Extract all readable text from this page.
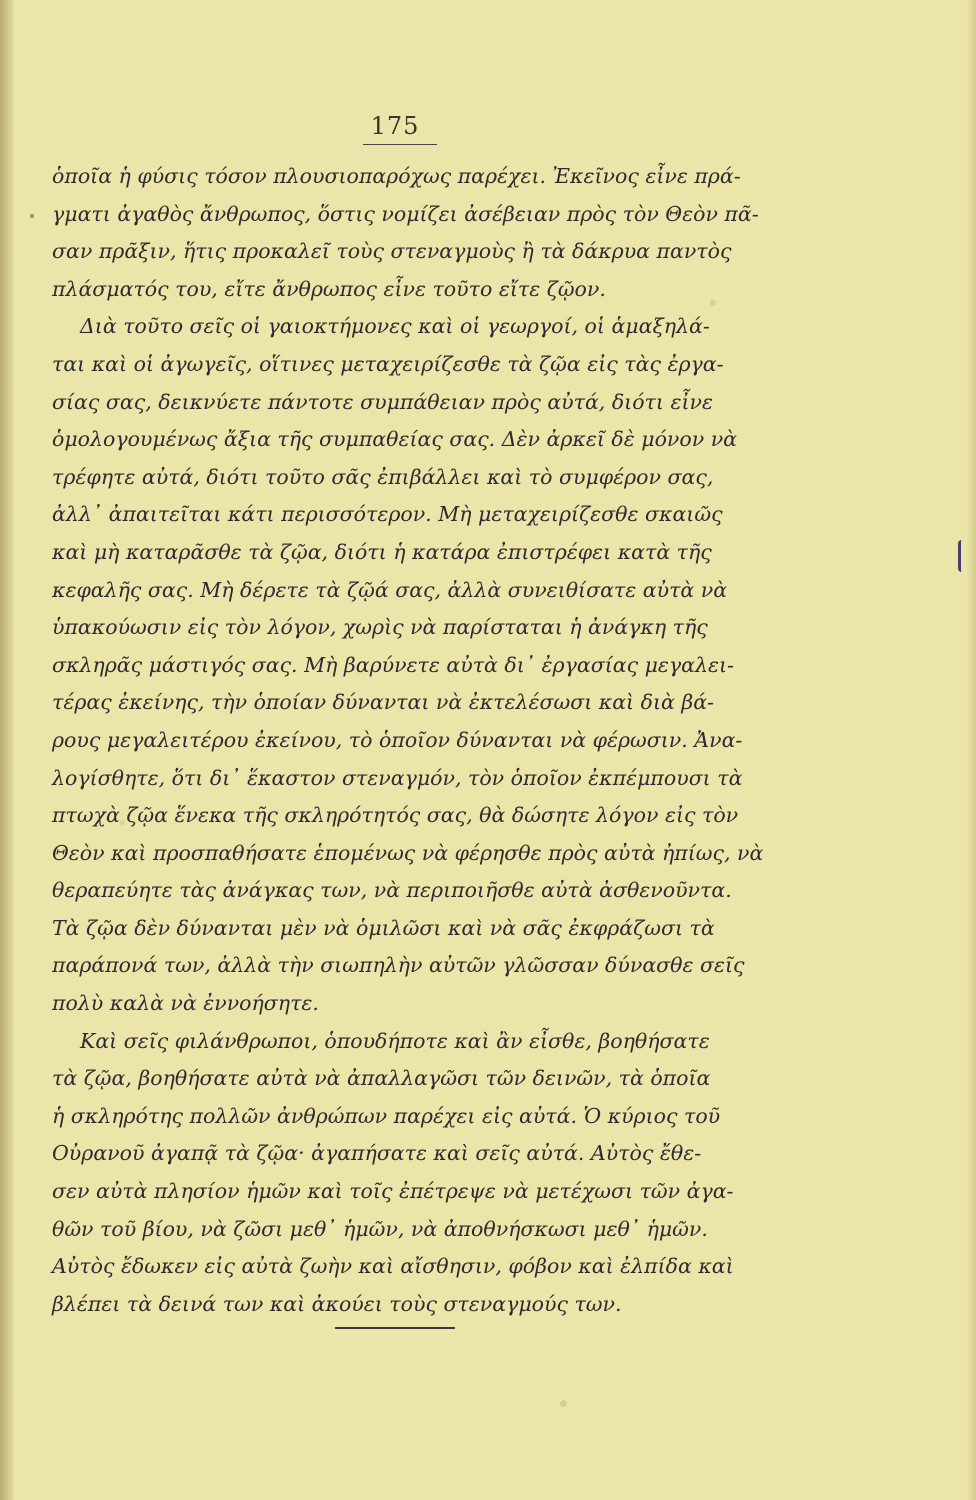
175
ὁποῖα ἡ φύσις τόσον πλουσιοπαρόχως παρέχει. Ἐκεῖνος εἶνε πρά-
γματι ἀγαθὸς ἄνθρωπος, ὅστις νομίζει ἀσέβειαν πρὸς τὸν Θεὸν πᾶ-
σαν πρᾶξιν, ἥτις προκαλεῖ τοὺς στεναγμοὺς ἢ τὰ δάκρυα παντὸς
πλάσματός του, εἴτε ἄνθρωπος εἶνε τοῦτο εἴτε ζῷον.
Διὰ τοῦτο σεῖς οἱ γαιοκτήμονες καὶ οἱ γεωργοί, οἱ ἁμαξηλά-
ται καὶ οἱ ἀγωγεῖς, οἵτινες μεταχειρίζεσθε τὰ ζῷα εἰς τὰς ἐργα-
σίας σας, δεικνύετε πάντοτε συμπάθειαν πρὸς αὐτά, διότι εἶνε
ὁμολογουμένως ἄξια τῆς συμπαθείας σας. Δὲν ἀρκεῖ δὲ μόνον νὰ
τρέφητε αὐτά, διότι τοῦτο σᾶς ἐπιβάλλει καὶ τὸ συμφέρον σας,
ἀλλ᾽ ἀπαιτεῖται κάτι περισσότερον. Μὴ μεταχειρίζεσθε σκαιῶς
καὶ μὴ καταρᾶσθε τὰ ζῷα, διότι ἡ κατάρα ἐπιστρέφει κατὰ τῆς
κεφαλῆς σας. Μὴ δέρετε τὰ ζῷά σας, ἀλλὰ συνειθίσατε αὐτὰ νὰ
ὑπακούωσιν εἰς τὸν λόγον, χωρὶς νὰ παρίσταται ἡ ἀνάγκη τῆς
σκληρᾶς μάστιγός σας. Μὴ βαρύνετε αὐτὰ δι᾽ ἐργασίας μεγαλει-
τέρας ἐκείνης, τὴν ὁποίαν δύνανται νὰ ἐκτελέσωσι καὶ διὰ βά-
ρους μεγαλειτέρου ἐκείνου, τὸ ὁποῖον δύνανται νὰ φέρωσιν. Ἀνα-
λογίσθητε, ὅτι δι᾽ ἕκαστον στεναγμόν, τὸν ὁποῖον ἐκπέμπουσι τὰ
πτωχὰ ζῷα ἕνεκα τῆς σκληρότητός σας, θὰ δώσητε λόγον εἰς τὸν
Θεὸν καὶ προσπαθήσατε ἑπομένως νὰ φέρησθε πρὸς αὐτὰ ἠπίως, νὰ
θεραπεύητε τὰς ἀνάγκας των, νὰ περιποιῆσθε αὐτὰ ἀσθενοῦντα.
Τὰ ζῷα δὲν δύνανται μὲν νὰ ὁμιλῶσι καὶ νὰ σᾶς ἐκφράζωσι τὰ
παράπονά των, ἀλλὰ τὴν σιωπηλὴν αὐτῶν γλῶσσαν δύνασθε σεῖς
πολὺ καλὰ νὰ ἐννοήσητε.
Καὶ σεῖς φιλάνθρωποι, ὁπουδήποτε καὶ ἂν εἶσθε, βοηθήσατε
τὰ ζῷα, βοηθήσατε αὐτὰ νὰ ἀπαλλαγῶσι τῶν δεινῶν, τὰ ὁποῖα
ἡ σκληρότης πολλῶν ἀνθρώπων παρέχει εἰς αὐτά. Ὁ κύριος τοῦ
Οὐρανοῦ ἀγαπᾷ τὰ ζῷα· ἀγαπήσατε καὶ σεῖς αὐτά. Αὐτὸς ἔθε-
σεν αὐτὰ πλησίον ἡμῶν καὶ τοῖς ἐπέτρεψε νὰ μετέχωσι τῶν ἀγα-
θῶν τοῦ βίου, νὰ ζῶσι μεθ᾽ ἡμῶν, νὰ ἀποθνήσκωσι μεθ᾽ ἡμῶν.
Αὐτὸς ἔδωκεν εἰς αὐτὰ ζωὴν καὶ αἴσθησιν, φόβον καὶ ἐλπίδα καὶ
βλέπει τὰ δεινά των καὶ ἀκούει τοὺς στεναγμούς των.
